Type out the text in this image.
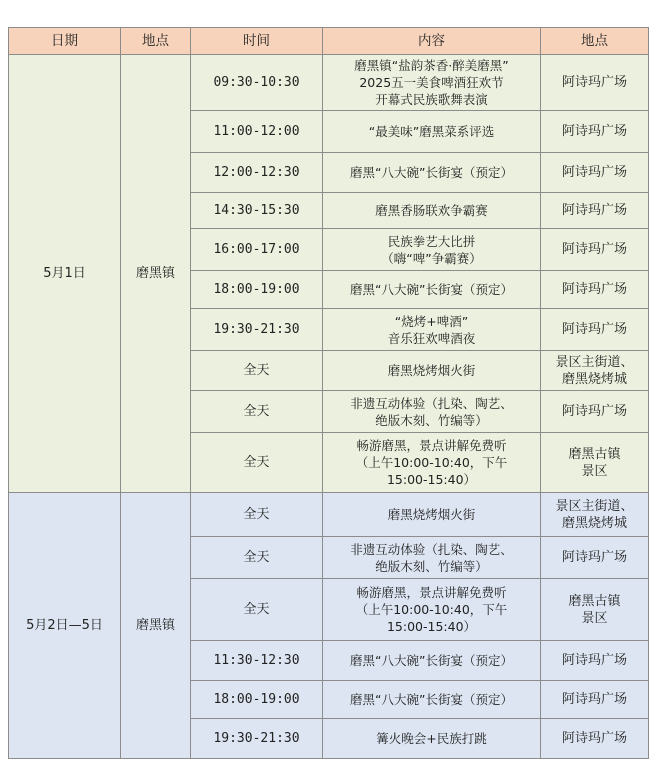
日期	地点	时间	内容	地点
5月1日	磨黑镇	09:30-10:30	磨黑镇“盐韵茶香·醉美磨黑”
2025五一美食啤酒狂欢节
开幕式民族歌舞表演	阿诗玛广场

		11:00-12:00	“最美味”磨黑菜系评选	阿诗玛广场

		12:00-12:30	磨黑“八大碗”长街宴（预定）	阿诗玛广场

		14:30-15:30	磨黑香肠联欢争霸赛	阿诗玛广场

		16:00-17:00	民族拳艺大比拼
（嗨“啤”争霸赛）	阿诗玛广场

		18:00-19:00	磨黑“八大碗”长街宴（预定）	阿诗玛广场

		19:30-21:30	“烧烤+啤酒”
音乐狂欢啤酒夜	阿诗玛广场

		全天	磨黑烧烤烟火街	景区主街道、
磨黑烧烤城

		全天	非遗互动体验（扎染、陶艺、
绝版木刻、竹编等）	阿诗玛广场

		全天	畅游磨黑，景点讲解免费听
（上午10:00-10:40，下午
15:00-15:40）	磨黑古镇
景区

5月2日—5日	磨黑镇	全天	磨黑烧烤烟火街	景区主街道、
磨黑烧烤城

		全天	非遗互动体验（扎染、陶艺、
绝版木刻、竹编等）	阿诗玛广场

		全天	畅游磨黑，景点讲解免费听
（上午10:00-10:40，下午
15:00-15:40）	磨黑古镇
景区

		11:30-12:30	磨黑“八大碗”长街宴（预定）	阿诗玛广场

		18:00-19:00	磨黑“八大碗”长街宴（预定）	阿诗玛广场

		19:30-21:30	篝火晚会+民族打跳	阿诗玛广场
